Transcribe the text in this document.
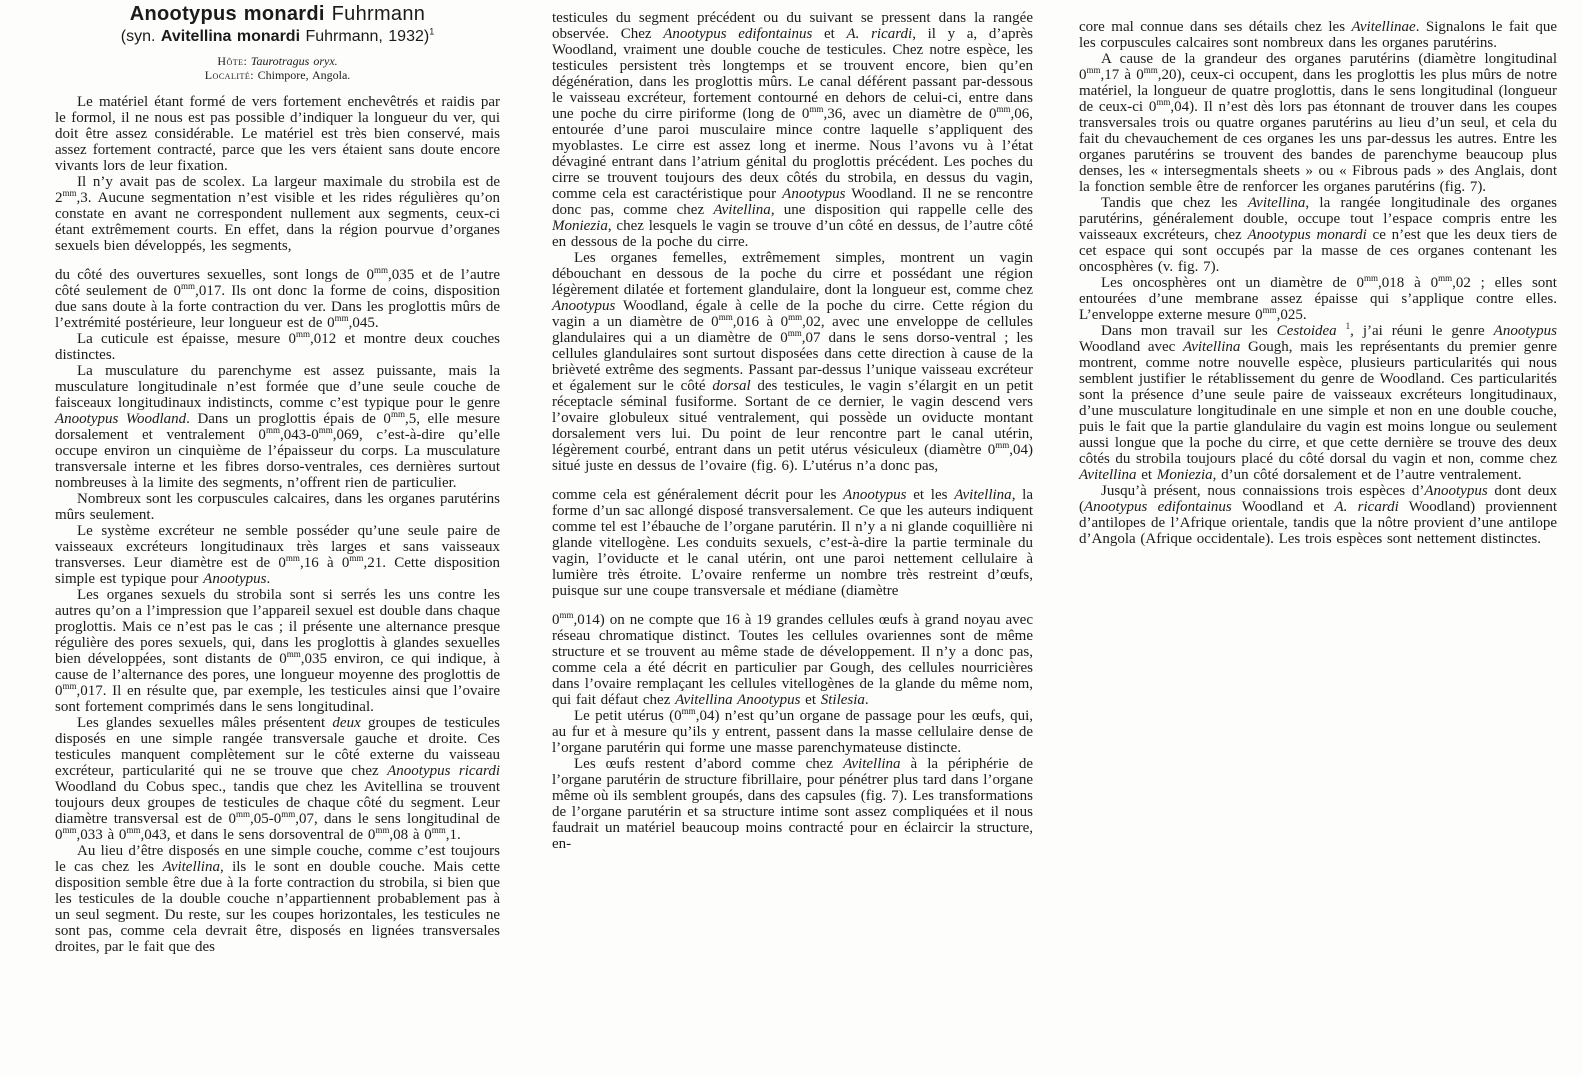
Anootypus monardi Fuhrmann
(syn. Avitellina monardi Fuhrmann, 1932)$^1$
Hôte: Taurotragus oryx.
Localité: Chimpore, Angola.

Le matériel étant formé de vers fortement enchevêtrés et raidis par le formol, il ne nous est pas possible d’indiquer la longueur du ver, qui doit être assez considérable. Le matériel est très bien conservé, mais assez fortement contracté, parce que les vers étaient sans doute encore vivants lors de leur fixation.

Il n’y avait pas de scolex. La largeur maximale du strobila est de $2^{mm},3$. Aucune segmentation n’est visible et les rides régulières qu’on constate en avant ne correspondent nullement aux segments, ceux-ci étant extrêmement courts. En effet, dans la région pourvue d’organes sexuels bien développés, les segments,

du côté des ouvertures sexuelles, sont longs de $0^{mm},035$ et de l’autre côté seulement de $0^{mm},017$. Ils ont donc la forme de coins, disposition due sans doute à la forte contraction du ver. Dans les proglottis mûrs de l’extrémité postérieure, leur longueur est de $0^{mm},045$.

La cuticule est épaisse, mesure $0^{mm},012$ et montre deux couches distinctes.

La musculature du parenchyme est assez puissante, mais la musculature longitudinale n’est formée que d’une seule couche de faisceaux longitudinaux indistincts, comme c’est typique pour le genre Anootypus Woodland. Dans un proglottis épais de $0^{mm},5$, elle mesure dorsalement et ventralement $0^{mm},043-0^{mm},069$, c’est-à-dire qu’elle occupe environ un cinquième de l’épaisseur du corps. La musculature transversale interne et les fibres dorso-ventrales, ces dernières surtout nombreuses à la limite des segments, n’offrent rien de particulier.

Nombreux sont les corpuscules calcaires, dans les organes parutérins mûrs seulement.

Le système excréteur ne semble posséder qu’une seule paire de vaisseaux excréteurs longitudinaux très larges et sans vaisseaux transverses. Leur diamètre est de $0^{mm},16$ à $0^{mm},21$. Cette disposition simple est typique pour Anootypus.

Les organes sexuels du strobila sont si serrés les uns contre les autres qu’on a l’impression que l’appareil sexuel est double dans chaque proglottis. Mais ce n’est pas le cas ; il présente une alternance presque régulière des pores sexuels, qui, dans les proglottis à glandes sexuelles bien développées, sont distants de $0^{mm},035$ environ, ce qui indique, à cause de l’alternance des pores, une longueur moyenne des proglottis de $0^{mm},017$. Il en résulte que, par exemple, les testicules ainsi que l’ovaire sont fortement comprimés dans le sens longitudinal.

Les glandes sexuelles mâles présentent deux groupes de testicules disposés en une simple rangée transversale gauche et droite. Ces testicules manquent complètement sur le côté externe du vaisseau excréteur, particularité qui ne se trouve que chez Anootypus ricardi Woodland du Cobus spec., tandis que chez les Avitellina se trouvent toujours deux groupes de testicules de chaque côté du segment. Leur diamètre transversal est de $0^{mm},05-0^{mm},07$, dans le sens longitudinal de $0^{mm},033$ à $0^{mm},043$, et dans le sens dorsoventral de $0^{mm},08$ à $0^{mm},1$.

Au lieu d’être disposés en une simple couche, comme c’est toujours le cas chez les Avitellina, ils le sont en double couche. Mais cette disposition semble être due à la forte contraction du strobila, si bien que les testicules de la double couche n’appartiennent probablement pas à un seul segment. Du reste, sur les coupes horizontales, les testicules ne sont pas, comme cela devrait être, disposés en lignées transversales droites, par le fait que des

testicules du segment précédent ou du suivant se pressent dans la rangée observée. Chez Anootypus edifontainus et A. ricardi, il y a, d’après Woodland, vraiment une double couche de testicules. Chez notre espèce, les testicules persistent très longtemps et se trouvent encore, bien qu’en dégénération, dans les proglottis mûrs. Le canal déférent passant par-dessous le vaisseau excréteur, fortement contourné en dehors de celui-ci, entre dans une poche du cirre piriforme (long de $0^{mm},36$, avec un diamètre de $0^{mm},06$, entourée d’une paroi musculaire mince contre laquelle s’appliquent des myoblastes. Le cirre est assez long et inerme. Nous l’avons vu à l’état dévaginé entrant dans l’atrium génital du proglottis précédent. Les poches du cirre se trouvent toujours des deux côtés du strobila, en dessus du vagin, comme cela est caractéristique pour Anootypus Woodland. Il ne se rencontre donc pas, comme chez Avitellina, une disposition qui rappelle celle des Moniezia, chez lesquels le vagin se trouve d’un côté en dessus, de l’autre côté en dessous de la poche du cirre.

Les organes femelles, extrêmement simples, montrent un vagin débouchant en dessous de la poche du cirre et possédant une région légèrement dilatée et fortement glandulaire, dont la longueur est, comme chez Anootypus Woodland, égale à celle de la poche du cirre. Cette région du vagin a un diamètre de $0^{mm},016$ à $0^{mm},02$, avec une enveloppe de cellules glandulaires qui a un diamètre de $0^{mm},07$ dans le sens dorso-ventral ; les cellules glandulaires sont surtout disposées dans cette direction à cause de la brièveté extrême des segments. Passant par-dessus l’unique vaisseau excréteur et également sur le côté dorsal des testicules, le vagin s’élargit en un petit réceptacle séminal fusiforme. Sortant de ce dernier, le vagin descend vers l’ovaire globuleux situé ventralement, qui possède un oviducte montant dorsalement vers lui. Du point de leur rencontre part le canal utérin, légèrement courbé, entrant dans un petit utérus vésiculeux (diamètre $0^{mm},04$) situé juste en dessus de l’ovaire (fig. 6). L’utérus n’a donc pas,

comme cela est généralement décrit pour les Anootypus et les Avitellina, la forme d’un sac allongé disposé transversalement. Ce que les auteurs indiquent comme tel est l’ébauche de l’organe parutérin. Il n’y a ni glande coquillière ni glande vitellogène. Les conduits sexuels, c’est-à-dire la partie terminale du vagin, l’oviducte et le canal utérin, ont une paroi nettement cellulaire à lumière très étroite. L’ovaire renferme un nombre très restreint d’œufs, puisque sur une coupe transversale et médiane (diamètre

$0^{mm},014$) on ne compte que 16 à 19 grandes cellules œufs à grand noyau avec réseau chromatique distinct. Toutes les cellules ovariennes sont de même structure et se trouvent au même stade de développement. Il n’y a donc pas, comme cela a été décrit en particulier par Gough, des cellules nourricières dans l’ovaire remplaçant les cellules vitellogènes de la glande du même nom, qui fait défaut chez Avitellina Anootypus et Stilesia.

Le petit utérus $(0^{mm},04)$ n’est qu’un organe de passage pour les œufs, qui, au fur et à mesure qu’ils y entrent, passent dans la masse cellulaire dense de l’organe parutérin qui forme une masse parenchymateuse distincte.

Les œufs restent d’abord comme chez Avitellina à la périphérie de l’organe parutérin de structure fibrillaire, pour pénétrer plus tard dans l’organe même où ils semblent groupés, dans des capsules (fig. 7). Les transformations de l’organe parutérin et sa structure intime sont assez compliquées et il nous faudrait un matériel beaucoup moins contracté pour en éclaircir la structure, en-

core mal connue dans ses détails chez les Avitellinae. Signalons le fait que les corpuscules calcaires sont nombreux dans les organes parutérins.

A cause de la grandeur des organes parutérins (diamètre longitudinal $0^{mm},17$ à $0^{mm},20$), ceux-ci occupent, dans les proglottis les plus mûrs de notre matériel, la longueur de quatre proglottis, dans le sens longitudinal (longueur de ceux-ci $0^{mm},04$). Il n’est dès lors pas étonnant de trouver dans les coupes transversales trois ou quatre organes parutérins au lieu d’un seul, et cela du fait du chevauchement de ces organes les uns par-dessus les autres. Entre les organes parutérins se trouvent des bandes de parenchyme beaucoup plus denses, les « intersegmentals sheets » ou « Fibrous pads » des Anglais, dont la fonction semble être de renforcer les organes parutérins (fig. 7).

Tandis que chez les Avitellina, la rangée longitudinale des organes parutérins, généralement double, occupe tout l’espace compris entre les vaisseaux excréteurs, chez Anootypus monardi ce n’est que les deux tiers de cet espace qui sont occupés par la masse de ces organes contenant les oncosphères (v. fig. 7).

Les oncosphères ont un diamètre de $0^{mm},018$ à $0^{mm},02$ ; elles sont entourées d’une membrane assez épaisse qui s’applique contre elles. L’enveloppe externe mesure $0^{mm},025$.

Dans mon travail sur les Cestoidea $^1$, j’ai réuni le genre Anootypus Woodland avec Avitellina Gough, mais les représentants du premier genre montrent, comme notre nouvelle espèce, plusieurs particularités qui nous semblent justifier le rétablissement du genre de Woodland. Ces particularités sont la présence d’une seule paire de vaisseaux excréteurs longitudinaux, d’une musculature longitudinale en une simple et non en une double couche, puis le fait que la partie glandulaire du vagin est moins longue ou seulement aussi longue que la poche du cirre, et que cette dernière se trouve des deux côtés du strobila toujours placé du côté dorsal du vagin et non, comme chez Avitellina et Moniezia, d’un côté dorsalement et de l’autre ventralement.

Jusqu’à présent, nous connaissions trois espèces d’Anootypus dont deux (Anootypus edifontainus Woodland et A. ricardi Woodland) proviennent d’antilopes de l’Afrique orientale, tandis que la nôtre provient d’une antilope d’Angola (Afrique occidentale). Les trois espèces sont nettement distinctes.
